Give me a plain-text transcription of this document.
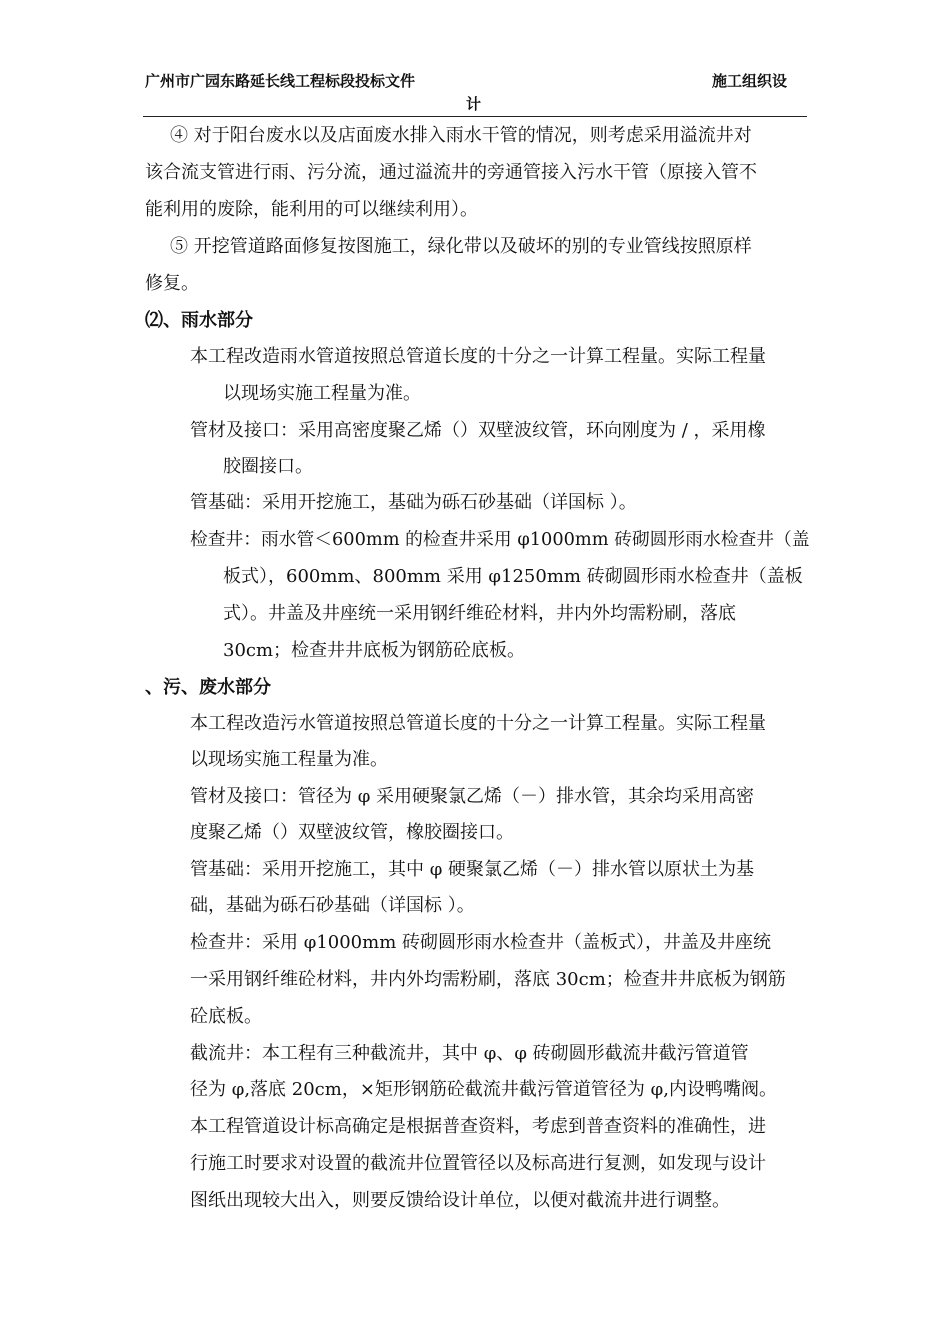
广州市广园东路延长线工程标段投标文件
计
施工组织设
④ 对于阳台废水以及店面废水排入雨水干管的情况，则考虑采用溢流井对
该合流支管进行雨、污分流，通过溢流井的旁通管接入污水干管（原接入管不
能利用的废除，能利用的可以继续利用）。
⑤ 开挖管道路面修复按图施工，绿化带以及破坏的别的专业管线按照原样
修复。
⑵、雨水部分
本工程改造雨水管道按照总管道长度的十分之一计算工程量。实际工程量
以现场实施工程量为准。
管材及接口：采用高密度聚乙烯（）双壁波纹管，环向刚度为 / ，采用橡
胶圈接口。
管基础：采用开挖施工，基础为砾石砂基础（详国标 ）。
检查井：雨水管＜600mm 的检查井采用 φ1000mm 砖砌圆形雨水检查井（盖
板式），600mm、800mm 采用 φ1250mm 砖砌圆形雨水检查井（盖板
式）。井盖及井座统一采用钢纤维砼材料，井内外均需粉刷，落底
30cm；检查井井底板为钢筋砼底板。
、污、废水部分
本工程改造污水管道按照总管道长度的十分之一计算工程量。实际工程量
以现场实施工程量为准。
管材及接口：管径为 φ 采用硬聚氯乙烯（－）排水管，其余均采用高密
度聚乙烯（）双壁波纹管，橡胶圈接口。
管基础：采用开挖施工，其中 φ 硬聚氯乙烯（－）排水管以原状土为基
础，基础为砾石砂基础（详国标 ）。
检查井：采用 φ1000mm 砖砌圆形雨水检查井（盖板式），井盖及井座统
一采用钢纤维砼材料，井内外均需粉刷，落底 30cm；检查井井底板为钢筋
砼底板。
截流井：本工程有三种截流井，其中 φ、φ 砖砌圆形截流井截污管道管
径为 φ,落底 20cm，×矩形钢筋砼截流井截污管道管径为 φ,内设鸭嘴阀。
本工程管道设计标高确定是根据普查资料，考虑到普查资料的准确性，进
行施工时要求对设置的截流井位置管径以及标高进行复测，如发现与设计
图纸出现较大出入，则要反馈给设计单位，以便对截流井进行调整。
